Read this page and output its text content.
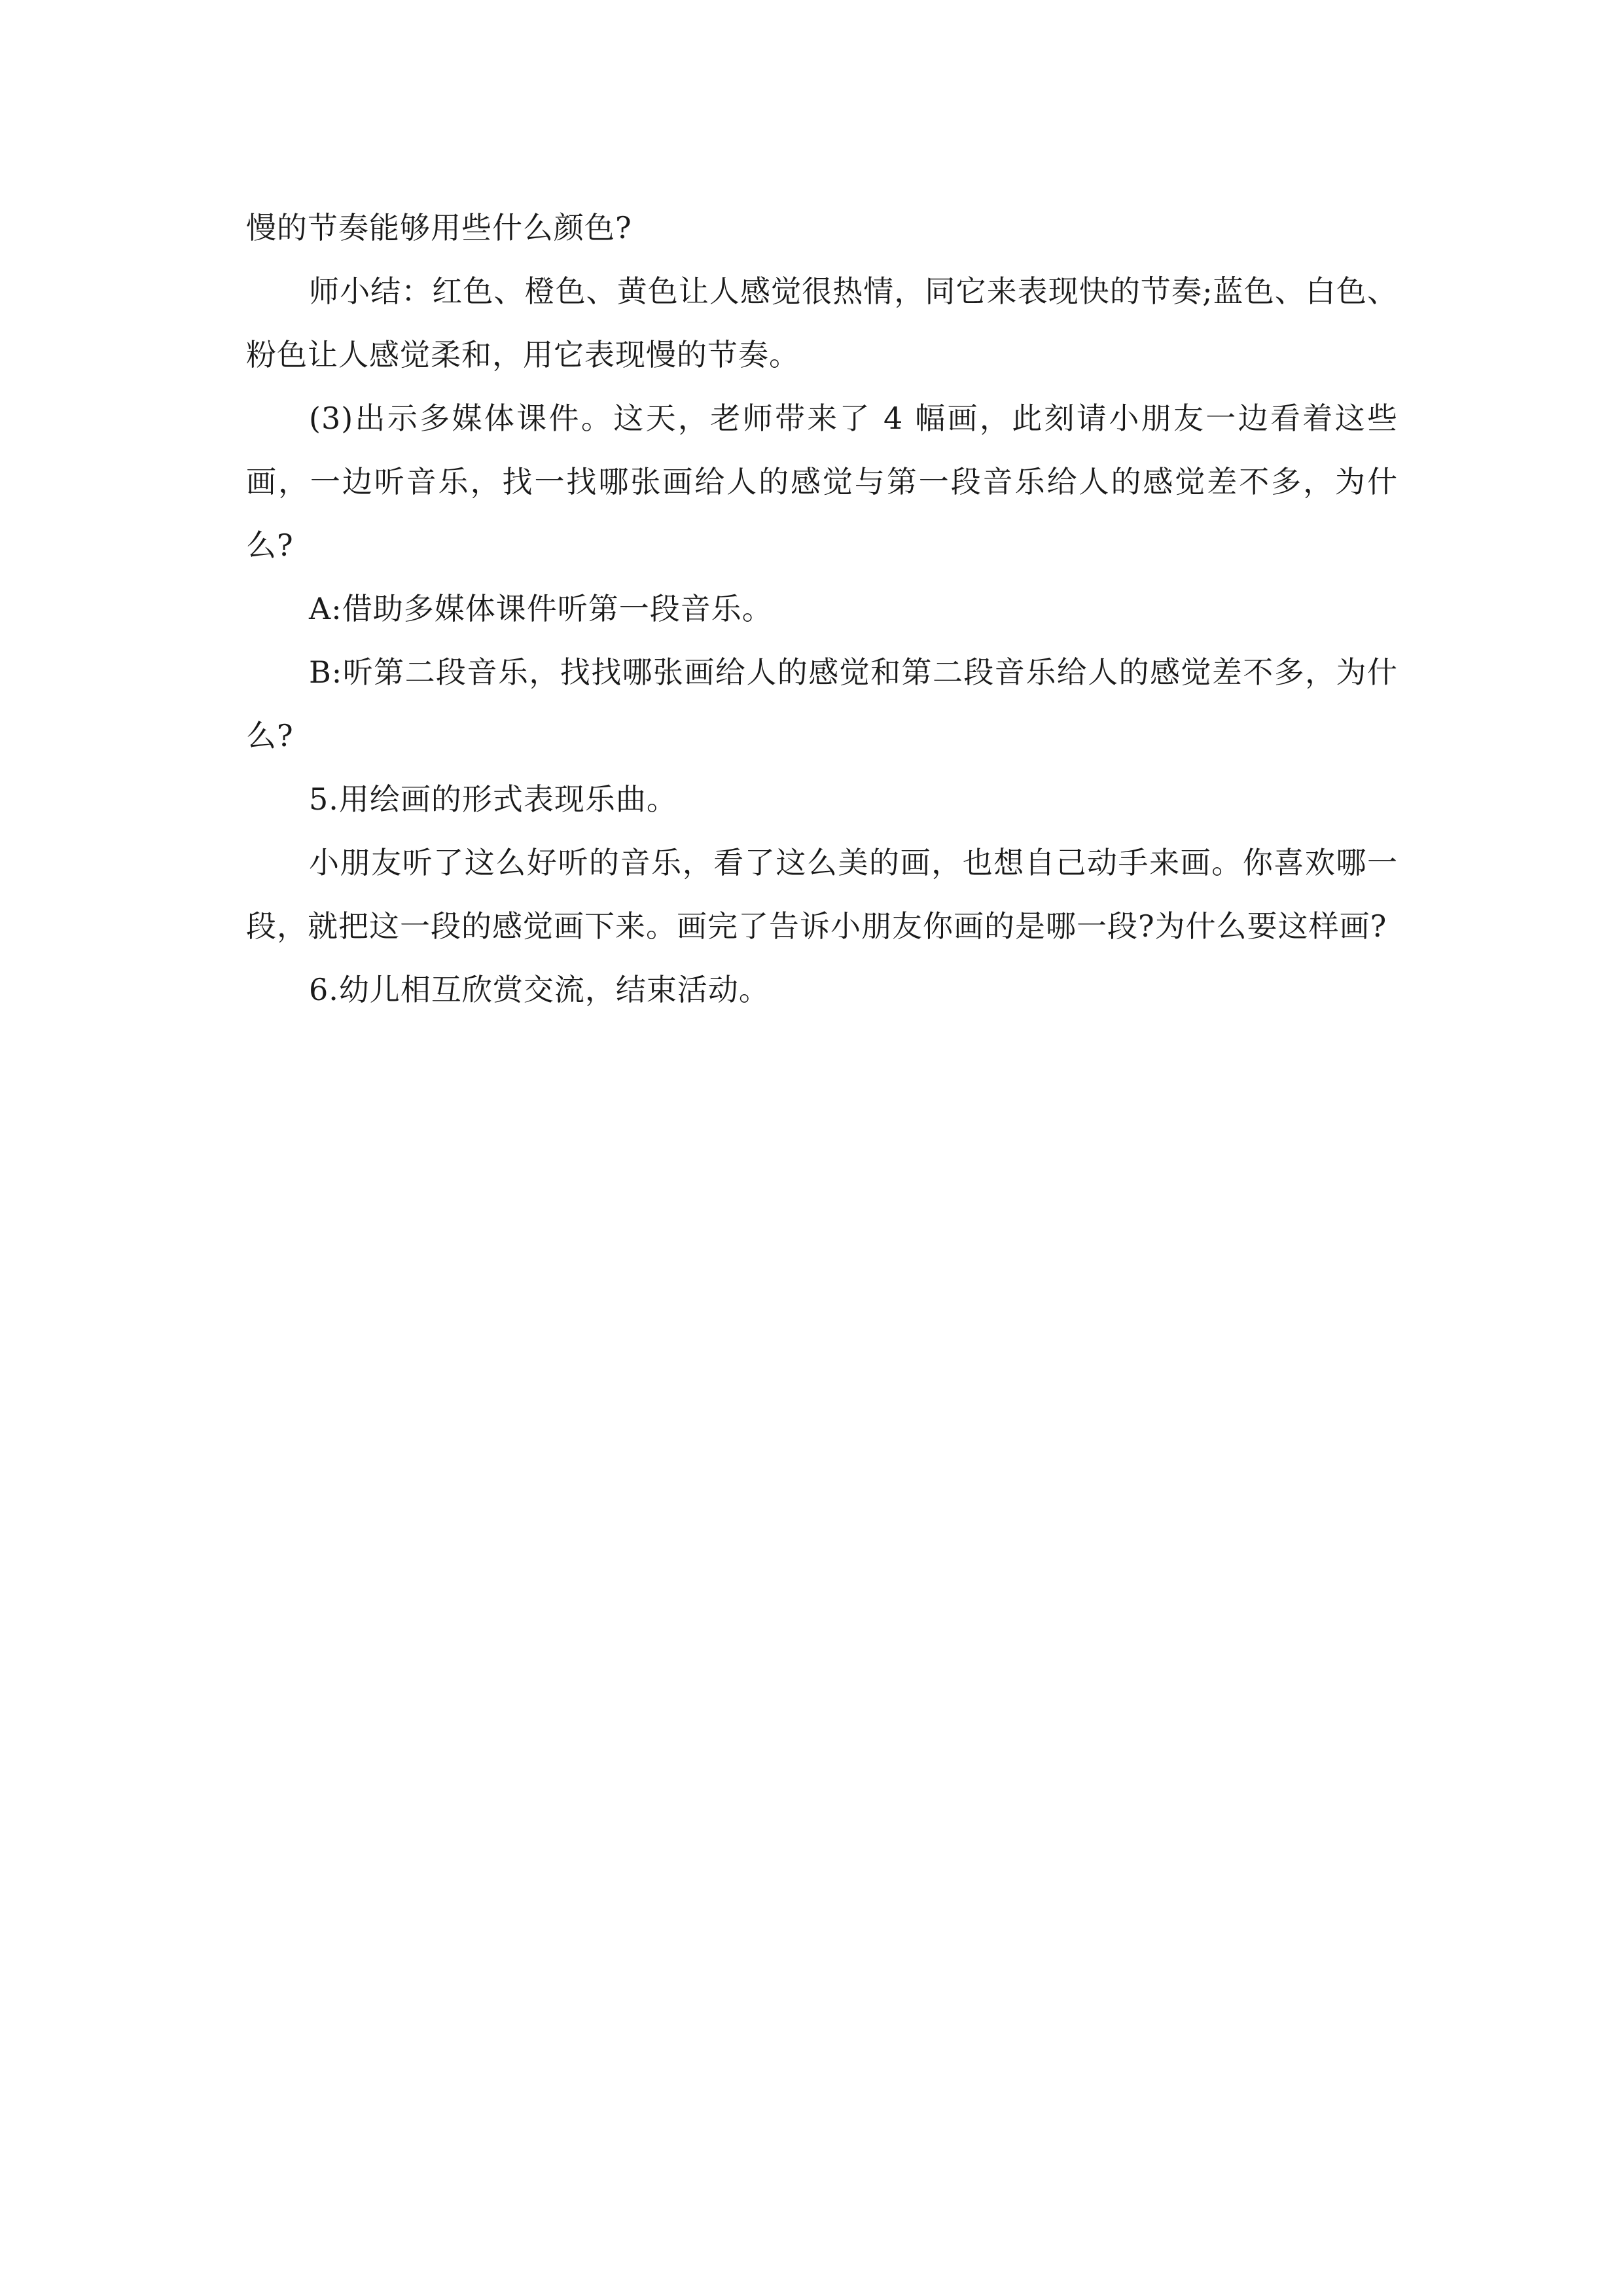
慢的节奏能够用些什么颜色?

师小结：红色、橙色、黄色让人感觉很热情，同它来表现快的节奏;蓝色、白色、粉色让人感觉柔和，用它表现慢的节奏。

(3)出示多媒体课件。这天，老师带来了 4 幅画，此刻请小朋友一边看着这些画，一边听音乐，找一找哪张画给人的感觉与第一段音乐给人的感觉差不多，为什么?

A:借助多媒体课件听第一段音乐。

B:听第二段音乐，找找哪张画给人的感觉和第二段音乐给人的感觉差不多，为什么?

5.用绘画的形式表现乐曲。

小朋友听了这么好听的音乐，看了这么美的画，也想自己动手来画。你喜欢哪一段，就把这一段的感觉画下来。画完了告诉小朋友你画的是哪一段?为什么要这样画?

6.幼儿相互欣赏交流，结束活动。
